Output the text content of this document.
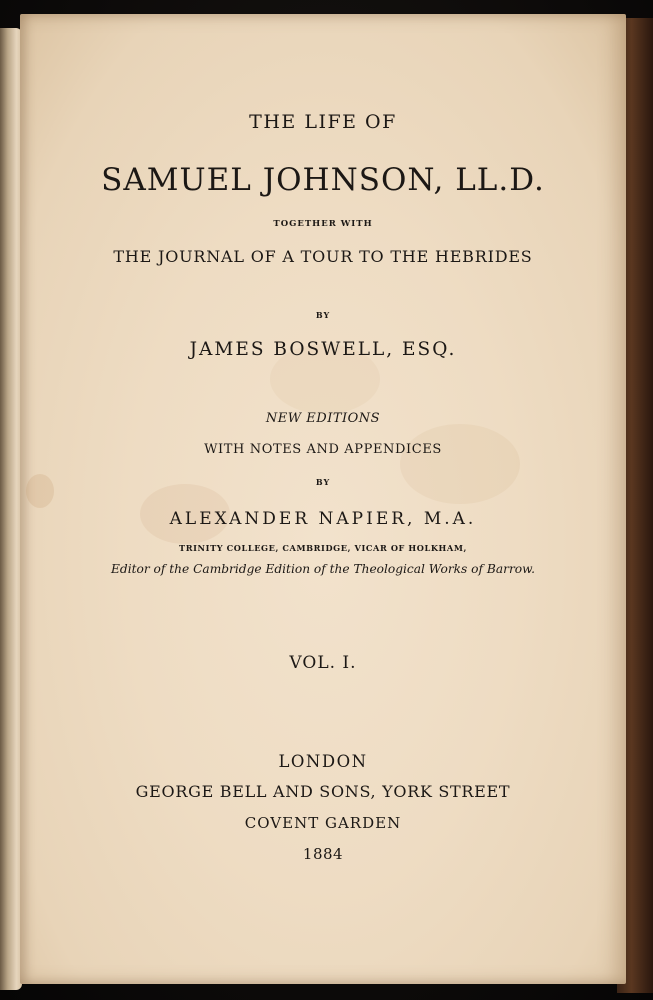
THE LIFE OF
SAMUEL JOHNSON, LL.D.
TOGETHER WITH
THE JOURNAL OF A TOUR TO THE HEBRIDES
BY
JAMES BOSWELL, ESQ.
NEW EDITIONS
WITH NOTES AND APPENDICES
BY
ALEXANDER NAPIER, M.A.
TRINITY COLLEGE, CAMBRIDGE, VICAR OF HOLKHAM,
Editor of the Cambridge Edition of the Theological Works of Barrow.
VOL. I.
LONDON
GEORGE BELL AND SONS, YORK STREET
COVENT GARDEN
1884
